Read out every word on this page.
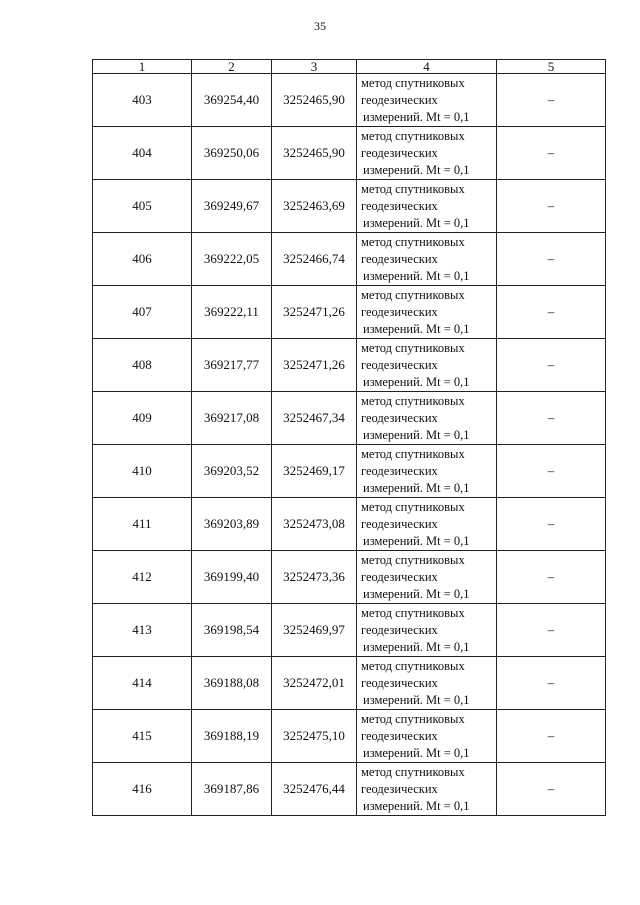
35
1	2	3	4	5
403	369254,40	3252465,90	метод спутниковых
геодезических
измерений. Mt = 0,1	–
404	369250,06	3252465,90	метод спутниковых
геодезических
измерений. Mt = 0,1	–
405	369249,67	3252463,69	метод спутниковых
геодезических
измерений. Mt = 0,1	–
406	369222,05	3252466,74	метод спутниковых
геодезических
измерений. Mt = 0,1	–
407	369222,11	3252471,26	метод спутниковых
геодезических
измерений. Mt = 0,1	–
408	369217,77	3252471,26	метод спутниковых
геодезических
измерений. Mt = 0,1	–
409	369217,08	3252467,34	метод спутниковых
геодезических
измерений. Mt = 0,1	–
410	369203,52	3252469,17	метод спутниковых
геодезических
измерений. Mt = 0,1	–
411	369203,89	3252473,08	метод спутниковых
геодезических
измерений. Mt = 0,1	–
412	369199,40	3252473,36	метод спутниковых
геодезических
измерений. Mt = 0,1	–
413	369198,54	3252469,97	метод спутниковых
геодезических
измерений. Mt = 0,1	–
414	369188,08	3252472,01	метод спутниковых
геодезических
измерений. Mt = 0,1	–
415	369188,19	3252475,10	метод спутниковых
геодезических
измерений. Mt = 0,1	–
416	369187,86	3252476,44	метод спутниковых
геодезических
измерений. Mt = 0,1	–
